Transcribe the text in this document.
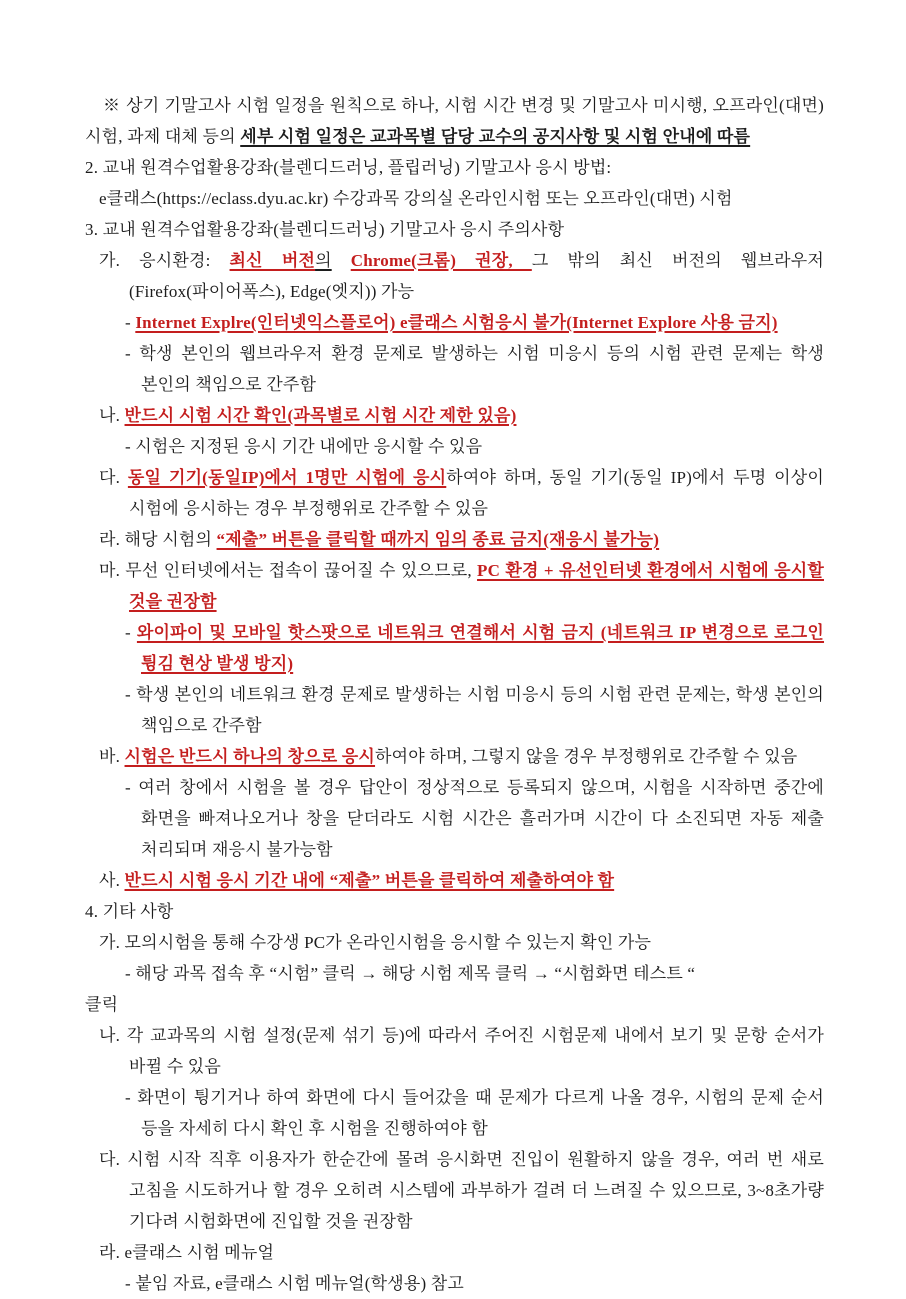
※ 상기 기말고사 시험 일정을 원칙으로 하나, 시험 시간 변경 및 기말고사 미시행, 오프라인(대면) 시험, 과제 대체 등의 세부 시험 일정은 교과목별 담당 교수의 공지사항 및 시험 안내에 따름

2. 교내 원격수업활용강좌(블렌디드러닝, 플립러닝) 기말고사 응시 방법:

e클래스(https://eclass.dyu.ac.kr) 수강과목 강의실 온라인시험 또는 오프라인(대면) 시험

3. 교내 원격수업활용강좌(블렌디드러닝) 기말고사 응시 주의사항

가. 응시환경: 최신 버전의 Chrome(크롬) 권장, 그 밖의 최신 버전의 웹브라우저(Firefox(파이어폭스), Edge(엣지)) 가능

- Internet Explre(인터넷익스플로어) e클래스 시험응시 불가(Internet Explore 사용 금지)

- 학생 본인의 웹브라우저 환경 문제로 발생하는 시험 미응시 등의 시험 관련 문제는 학생 본인의 책임으로 간주함

나. 반드시 시험 시간 확인(과목별로 시험 시간 제한 있음)

- 시험은 지정된 응시 기간 내에만 응시할 수 있음

다. 동일 기기(동일IP)에서 1명만 시험에 응시하여야 하며, 동일 기기(동일 IP)에서 두명 이상이 시험에 응시하는 경우 부정행위로 간주할 수 있음

라. 해당 시험의 “제출” 버튼을 클릭할 때까지 임의 종료 금지(재응시 불가능)

마. 무선 인터넷에서는 접속이 끊어질 수 있으므로, PC 환경 + 유선인터넷 환경에서 시험에 응시할 것을 권장함

- 와이파이 및 모바일 핫스팟으로 네트워크 연결해서 시험 금지 (네트워크 IP 변경으로 로그인 튕김 현상 발생 방지)

- 학생 본인의 네트워크 환경 문제로 발생하는 시험 미응시 등의 시험 관련 문제는, 학생 본인의 책임으로 간주함

바. 시험은 반드시 하나의 창으로 응시하여야 하며, 그렇지 않을 경우 부정행위로 간주할 수 있음

- 여러 창에서 시험을 볼 경우 답안이 정상적으로 등록되지 않으며, 시험을 시작하면 중간에 화면을 빠져나오거나 창을 닫더라도 시험 시간은 흘러가며 시간이 다 소진되면 자동 제출 처리되며 재응시 불가능함

사. 반드시 시험 응시 기간 내에 “제출” 버튼을 클릭하여 제출하여야 함

4. 기타 사항

가. 모의시험을 통해 수강생 PC가 온라인시험을 응시할 수 있는지 확인 가능

- 해당 과목 접속 후 “시험” 클릭 → 해당 시험 제목 클릭 → “시험화면 테스트 “

클릭

나. 각 교과목의 시험 설정(문제 섞기 등)에 따라서 주어진 시험문제 내에서 보기 및 문항 순서가 바뀔 수 있음

- 화면이 튕기거나 하여 화면에 다시 들어갔을 때 문제가 다르게 나올 경우, 시험의 문제 순서 등을 자세히 다시 확인 후 시험을 진행하여야 함

다. 시험 시작 직후 이용자가 한순간에 몰려 응시화면 진입이 원활하지 않을 경우, 여러 번 새로 고침을 시도하거나 할 경우 오히려 시스템에 과부하가 걸려 더 느려질 수 있으므로, 3~8초가량 기다려 시험화면에 진입할 것을 권장함

라. e클래스 시험 메뉴얼

- 붙임 자료, e클래스 시험 메뉴얼(학생용) 참고
